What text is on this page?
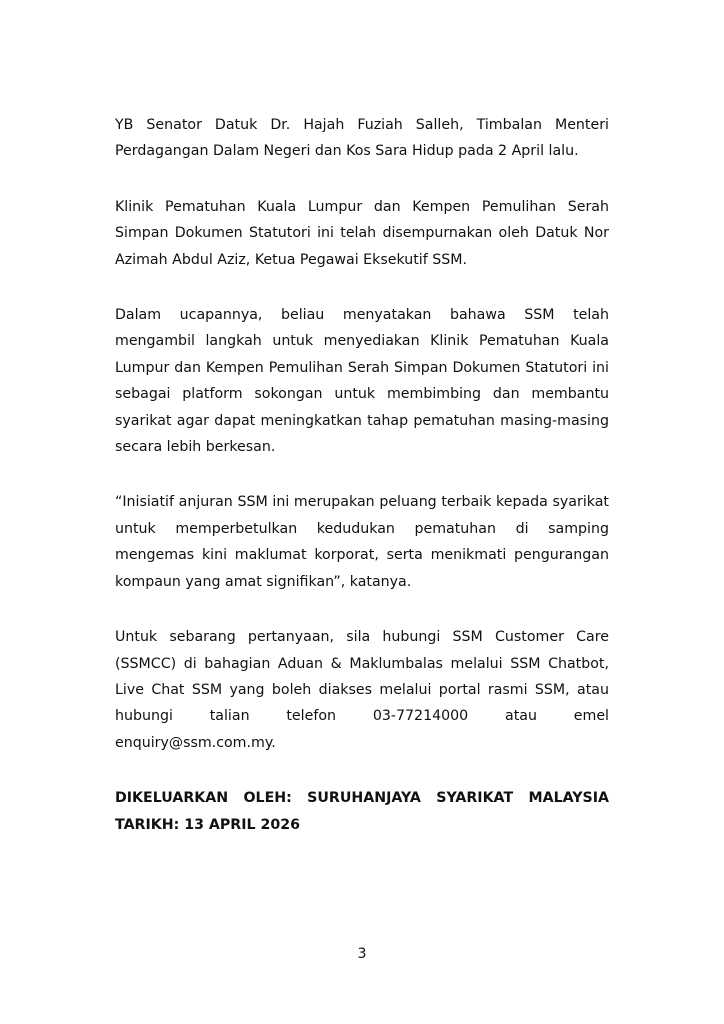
YB Senator Datuk Dr. Hajah Fuziah Salleh, Timbalan Menteri Perdagangan Dalam Negeri dan Kos Sara Hidup pada 2 April lalu.

Klinik Pematuhan Kuala Lumpur dan Kempen Pemulihan Serah Simpan Dokumen Statutori ini telah disempurnakan oleh Datuk Nor Azimah Abdul Aziz, Ketua Pegawai Eksekutif SSM.

Dalam ucapannya, beliau menyatakan bahawa SSM telah mengambil langkah untuk menyediakan Klinik Pematuhan Kuala Lumpur dan Kempen Pemulihan Serah Simpan Dokumen Statutori ini sebagai platform sokongan untuk membimbing dan membantu syarikat agar dapat meningkatkan tahap pematuhan masing-masing secara lebih berkesan.

“Inisiatif anjuran SSM ini merupakan peluang terbaik kepada syarikat untuk memperbetulkan kedudukan pematuhan di samping mengemas kini maklumat korporat, serta menikmati pengurangan kompaun yang amat signifikan”, katanya.

Untuk sebarang pertanyaan, sila hubungi SSM Customer Care (SSMCC) di bahagian Aduan & Maklumbalas melalui SSM Chatbot, Live Chat SSM yang boleh diakses melalui portal rasmi SSM, atau hubungi talian telefon 03-77214000 atau emel enquiry@ssm.com.my.

DIKELUARKAN OLEH: SURUHANJAYA SYARIKAT MALAYSIA
TARIKH: 13 APRIL 2026
3
